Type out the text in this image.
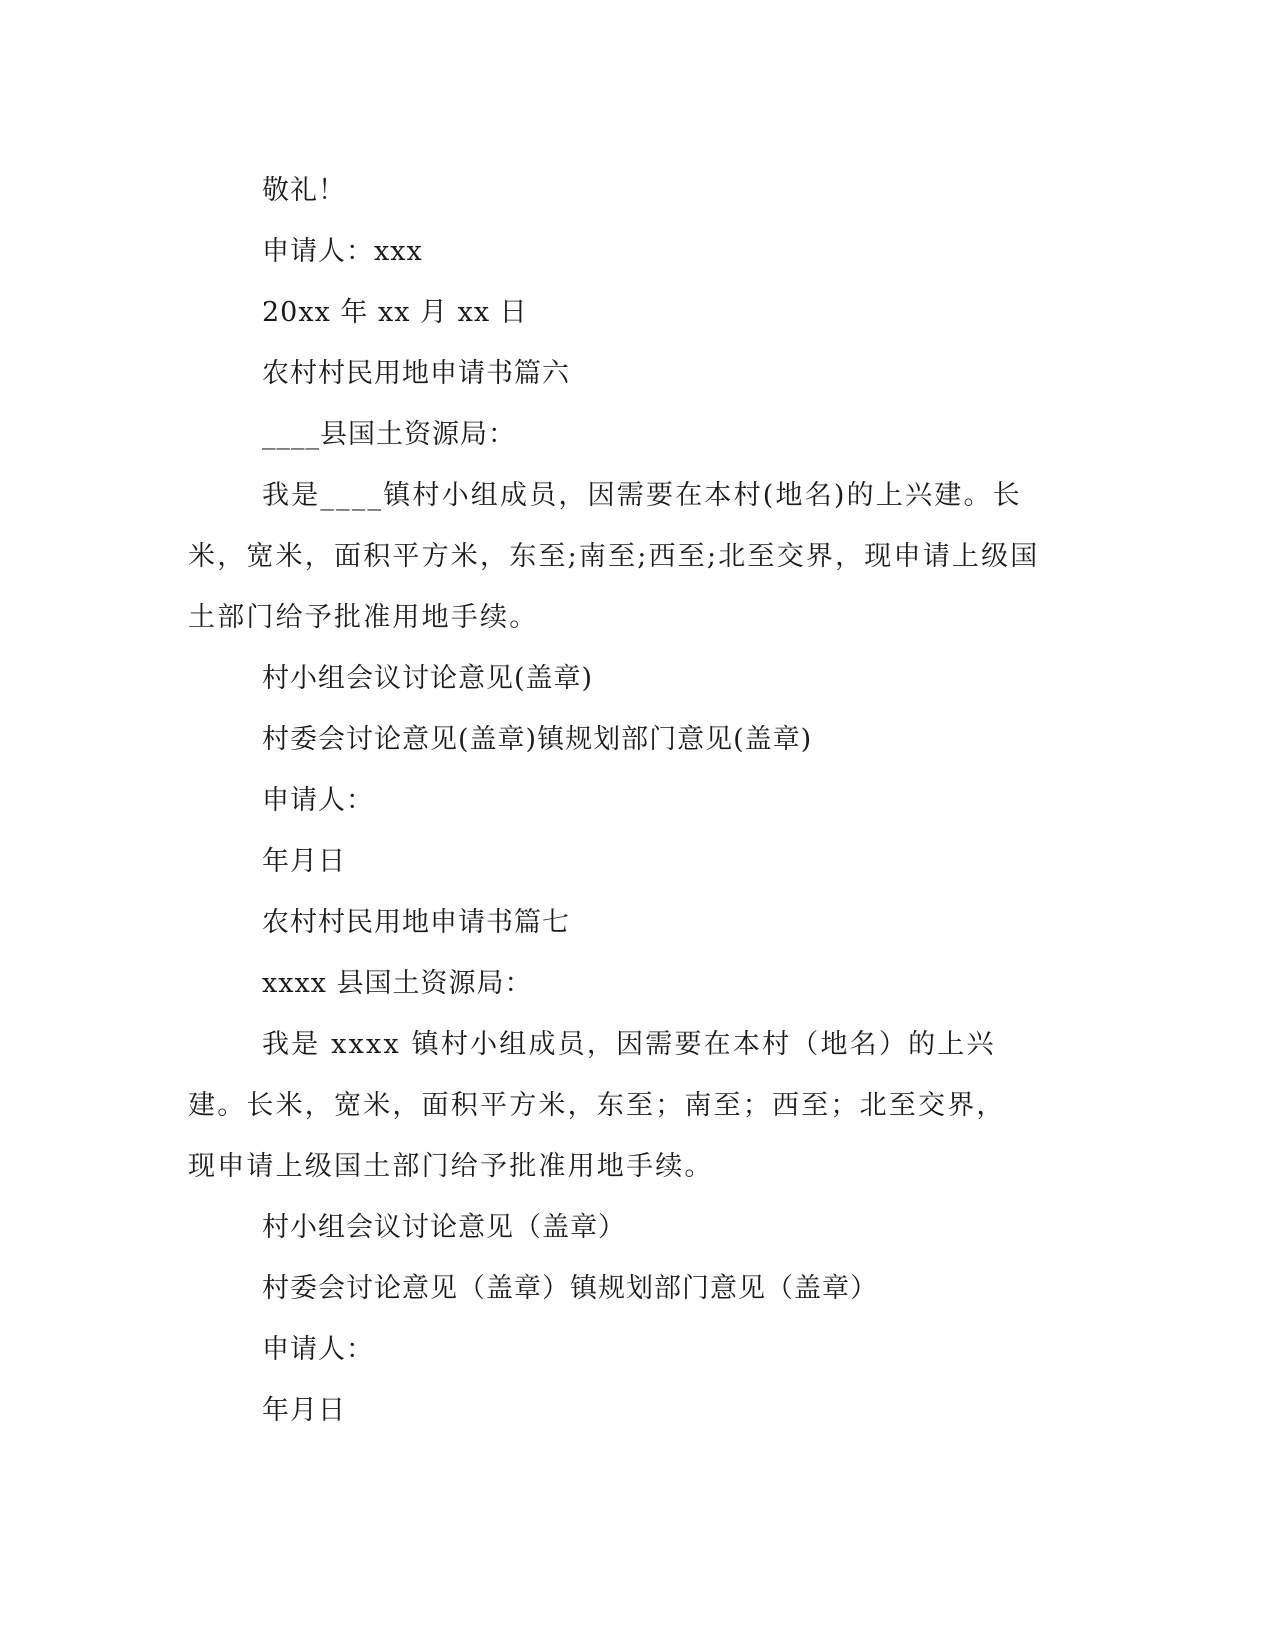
敬礼！

申请人：xxx

20xx 年 xx 月 xx 日

农村村民用地申请书篇六

____县国土资源局：

我是____镇村小组成员，因需要在本村(地名)的上兴建。长米，宽米，面积平方米，东至;南至;西至;北至交界，现申请上级国土部门给予批准用地手续。

村小组会议讨论意见(盖章)

村委会讨论意见(盖章)镇规划部门意见(盖章)

申请人：

年月日

农村村民用地申请书篇七

xxxx 县国土资源局：

我是 xxxx 镇村小组成员，因需要在本村（地名）的上兴建。长米，宽米，面积平方米，东至；南至；西至；北至交界，现申请上级国土部门给予批准用地手续。

村小组会议讨论意见（盖章）

村委会讨论意见（盖章）镇规划部门意见（盖章）

申请人：

年月日
